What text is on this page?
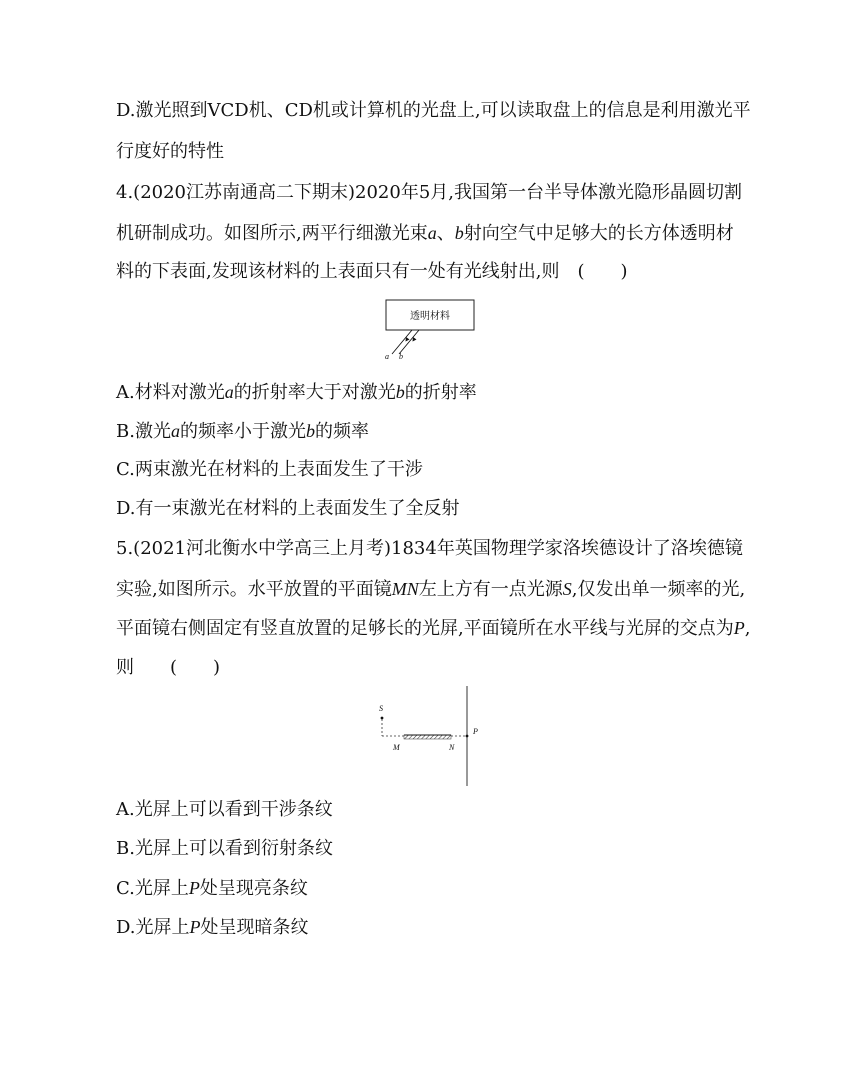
D.激光照到VCD机、CD机或计算机的光盘上,可以读取盘上的信息是利用激光平
行度好的特性
4.(2020江苏南通高二下期末)2020年5月,我国第一台半导体激光隐形晶圆切割
机研制成功。如图所示,两平行细激光束a、b射向空气中足够大的长方体透明材
料的下表面,发现该材料的上表面只有一处有光线射出,则　(　　)
透明材料
a b
A.材料对激光a的折射率大于对激光b的折射率
B.激光a的频率小于激光b的频率
C.两束激光在材料的上表面发生了干涉
D.有一束激光在材料的上表面发生了全反射
5.(2021河北衡水中学高三上月考)1834年英国物理学家洛埃德设计了洛埃德镜
实验,如图所示。水平放置的平面镜MN左上方有一点光源S,仅发出单一频率的光,
平面镜右侧固定有竖直放置的足够长的光屏,平面镜所在水平线与光屏的交点为P,
则　　(　　)
S
M	N
P
A.光屏上可以看到干涉条纹
B.光屏上可以看到衍射条纹
C.光屏上P处呈现亮条纹
D.光屏上P处呈现暗条纹
